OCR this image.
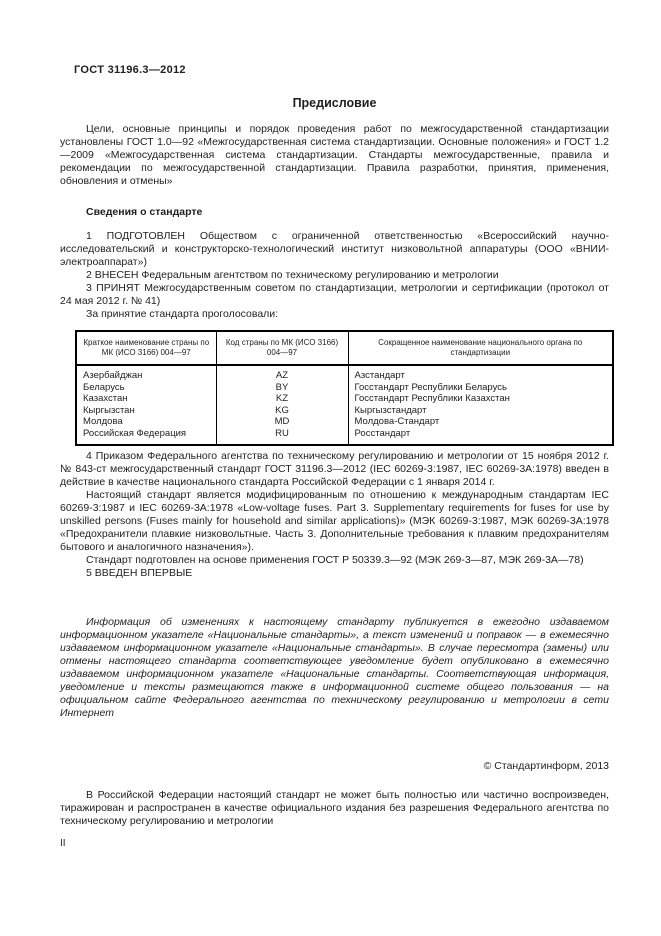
ГОСТ 31196.3—2012
Предисловие

Цели, основные принципы и порядок проведения работ по межгосударственной стандартизации установлены ГОСТ 1.0—92 «Межгосударственная система стандартизации. Основные положения» и ГОСТ 1.2—2009 «Межгосударственная система стандартизации. Стандарты межгосударственные, правила и рекомендации по межгосударственной стандартизации. Правила разработки, принятия, применения, обновления и отмены»

Сведения о стандарте

1 ПОДГОТОВЛЕН Обществом с ограниченной ответственностью «Всероссийский научно-исследовательский и конструкторско-технологический институт низковольтной аппаратуры (ООО «ВНИИ-электроаппарат»)

2 ВНЕСЕН Федеральным агентством по техническому регулированию и метрологии

3 ПРИНЯТ Межгосударственным советом по стандартизации, метрологии и сертификации (протокол от 24 мая 2012 г. № 41)

За принятие стандарта проголосовали:

Краткое наименование страны по МК (ИСО 3166) 004—97	Код страны по МК (ИСО 3166) 004—97	Сокращенное наименование национального органа по стандартизации
Азербайджан	AZ	Азстандарт
Беларусь	BY	Госстандарт Республики Беларусь
Казахстан	KZ	Госстандарт Республики Казахстан
Кыргызстан	KG	Кыргызстандарт
Молдова	MD	Молдова-Стандарт
Российская Федерация	RU	Росстандарт

4 Приказом Федерального агентства по техническому регулированию и метрологии от 15 ноября 2012 г. № 843-ст межгосударственный стандарт ГОСТ 31196.3—2012 (IEC 60269-3:1987, IEC 60269-3A:1978) введен в действие в качестве национального стандарта Российской Федерации с 1 января 2014 г.

Настоящий стандарт является модифицированным по отношению к международным стандартам IEC 60269-3:1987 и IEC 60269-3A:1978 «Low-voltage fuses. Part 3. Supplementary requirements for fuses for use by unskilled persons (Fuses mainly for household and similar applications)» (МЭК 60269-3:1987, МЭК 60269-3А:1978 «Предохранители плавкие низковольтные. Часть 3. Дополнительные требования к плавким предохранителям бытового и аналогичного назначения»).

Стандарт подготовлен на основе применения ГОСТ Р 50339.3—92 (МЭК 269-3—87, МЭК 269-3А—78)

5 ВВЕДЕН ВПЕРВЫЕ

Информация об изменениях к настоящему стандарту публикуется в ежегодно издаваемом информационном указателе «Национальные стандарты», а текст изменений и поправок — в ежемесячно издаваемом информационном указателе «Национальные стандарты». В случае пересмотра (замены) или отмены настоящего стандарта соответствующее уведомление будет опубликовано в ежемесячно издаваемом информационном указателе «Национальные стандарты. Соответствующая информация, уведомление и тексты размещаются также в информационной системе общего пользования — на официальном сайте Федерального агентства по техническому регулированию и метрологии в сети Интернет

© Стандартинформ, 2013

В Российской Федерации настоящий стандарт не может быть полностью или частично воспроизведен, тиражирован и распространен в качестве официального издания без разрешения Федерального агентства по техническому регулированию и метрологии

II
